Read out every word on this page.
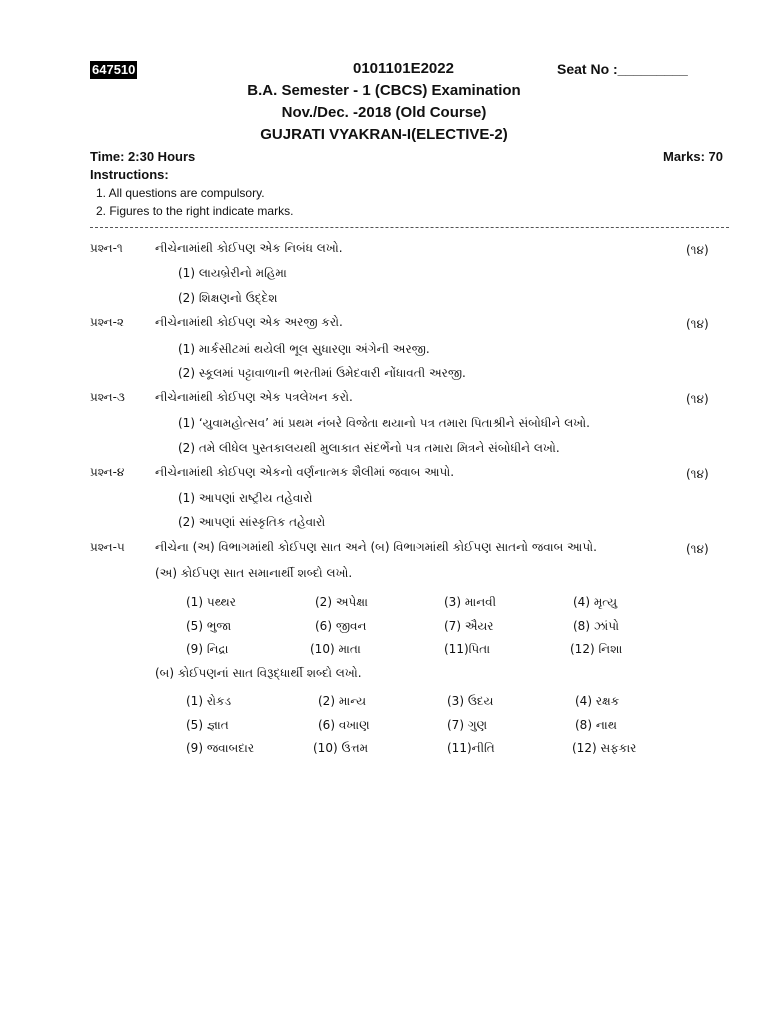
647510	0101101E2022	Seat No :_________
B.A. Semester - 1 (CBCS) Examination
Nov./Dec. -2018 (Old Course)
GUJRATI VYAKRAN-I(ELECTIVE-2)
Time: 2:30 Hours	Marks: 70
Instructions:
1. All questions are compulsory.
2. Figures to the right indicate marks.
પ્રશ્ન-૧	નીચેનામાંથી કોઈપણ એક નિબંધ લખો.	(૧૪)
(1) લાયબ્રેરીનો મહિમા
(2) શિક્ષણનો ઉદ્દેશ
પ્રશ્ન-૨	નીચેનામાંથી કોઈપણ એક અરજી કરો.	(૧૪)
(1) માર્કસીટમાં થયેલી ભૂલ સુધારણા અંગેની અરજી.
(2) સ્કૂલમાં પટ્ટાવાળાની ભરતીમાં ઉમેદવારી નોંધાવતી અરજી.
પ્રશ્ન-૩	નીચેનામાંથી કોઈપણ એક પત્રલેખન કરો.	(૧૪)
(1) ‘યુવામહોત્સવ’ માં પ્રથમ નંબરે વિજેતા થયાનો પત્ર તમારા પિતાશ્રીને સંબોધીને લખો.
(2) તમે લીધેલ પુસ્તકાલયથી મુલાકાત સંદર્ભેનો પત્ર તમારા મિત્રને સંબોધીને લખો.
પ્રશ્ન-૪	નીચેનામાંથી કોઈપણ એકનો વર્ણનાત્મક શૈલીમાં જવાબ આપો.	(૧૪)
(1) આપણાં રાષ્ટ્રીય તહેવારો
(2) આપણાં સાંસ્કૃતિક તહેવારો
પ્રશ્ન-૫	નીચેના (અ) વિભાગમાંથી કોઈપણ સાત અને (બ) વિભાગમાંથી કોઈપણ સાતનો જવાબ આપો.	(૧૪)
(અ) કોઈપણ સાત સમાનાર્થી શબ્દો લખો.
(1) પથ્થર	(2) અપેક્ષા	(3) માનવી	(4) મૃત્યુ
(5) ભુજા	(6) જીવન	(7) ઐયર	(8) ઝાંપો
(9) નિદ્રા	(10) માતા	(11)પિતા	(12) નિશા
(બ) કોઈપણનાં સાત વિરૂદ્ધાર્થી શબ્દો લખો.
(1) રોકડ	(2) માન્ય	(3) ઉદય	(4) રક્ષક
(5) જ્ઞાત	(6) વખાણ	(7) ગુણ	(8) નાથ
(9) જવાબદાર	(10) ઉત્તમ	(11)નીતિ	(12) સફકાર
